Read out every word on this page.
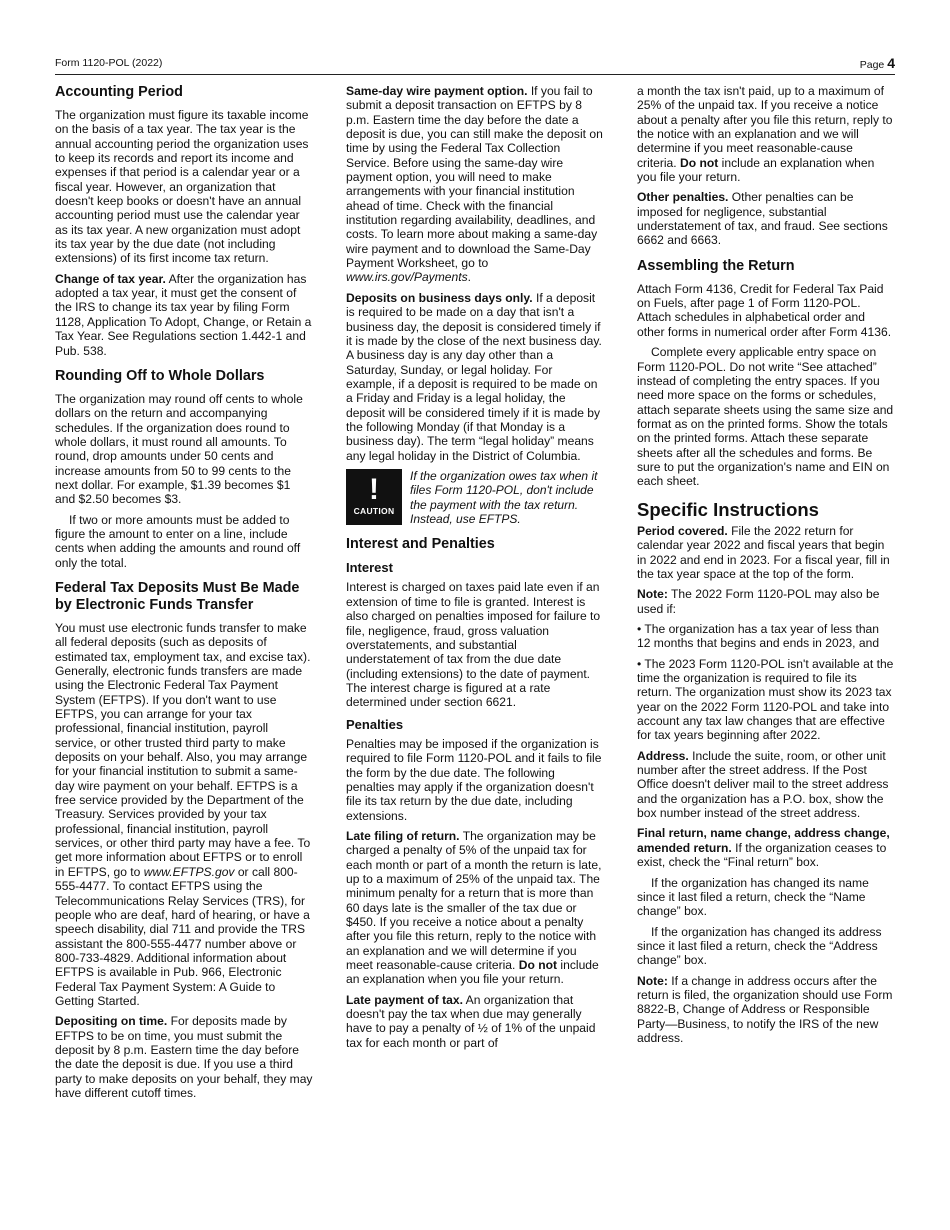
Form 1120-POL (2022)	Page 4
Accounting Period

The organization must figure its taxable income on the basis of a tax year. The tax year is the annual accounting period the organization uses to keep its records and report its income and expenses if that period is a calendar year or a fiscal year. However, an organization that doesn't keep books or doesn't have an annual accounting period must use the calendar year as its tax year. A new organization must adopt its tax year by the due date (not including extensions) of its first income tax return.

Change of tax year. After the organization has adopted a tax year, it must get the consent of the IRS to change its tax year by filing Form 1128, Application To Adopt, Change, or Retain a Tax Year. See Regulations section 1.442-1 and Pub. 538.

Rounding Off to Whole Dollars

The organization may round off cents to whole dollars on the return and accompanying schedules. If the organization does round to whole dollars, it must round all amounts. To round, drop amounts under 50 cents and increase amounts from 50 to 99 cents to the next dollar. For example, $1.39 becomes $1 and $2.50 becomes $3.

If two or more amounts must be added to figure the amount to enter on a line, include cents when adding the amounts and round off only the total.

Federal Tax Deposits Must Be Made by Electronic Funds Transfer

You must use electronic funds transfer to make all federal deposits (such as deposits of estimated tax, employment tax, and excise tax). Generally, electronic funds transfers are made using the Electronic Federal Tax Payment System (EFTPS). If you don't want to use EFTPS, you can arrange for your tax professional, financial institution, payroll service, or other trusted third party to make deposits on your behalf. Also, you may arrange for your financial institution to submit a same-day wire payment on your behalf. EFTPS is a free service provided by the Department of the Treasury. Services provided by your tax professional, financial institution, payroll services, or other third party may have a fee. To get more information about EFTPS or to enroll in EFTPS, go to www.EFTPS.gov or call 800-555-4477. To contact EFTPS using the Telecommunications Relay Services (TRS), for people who are deaf, hard of hearing, or have a speech disability, dial 711 and provide the TRS assistant the 800-555-4477 number above or 800-733-4829. Additional information about EFTPS is available in Pub. 966, Electronic Federal Tax Payment System: A Guide to Getting Started.

Depositing on time. For deposits made by EFTPS to be on time, you must submit the deposit by 8 p.m. Eastern time the day before the date the deposit is due. If you use a third party to make deposits on your behalf, they may have different cutoff times.

Same-day wire payment option. If you fail to submit a deposit transaction on EFTPS by 8 p.m. Eastern time the day before the date a deposit is due, you can still make the deposit on time by using the Federal Tax Collection Service. Before using the same-day wire payment option, you will need to make arrangements with your financial institution ahead of time. Check with the financial institution regarding availability, deadlines, and costs. To learn more about making a same-day wire payment and to download the Same-Day Payment Worksheet, go to www.irs.gov/Payments.

Deposits on business days only. If a deposit is required to be made on a day that isn't a business day, the deposit is considered timely if it is made by the close of the next business day. A business day is any day other than a Saturday, Sunday, or legal holiday. For example, if a deposit is required to be made on a Friday and Friday is a legal holiday, the deposit will be considered timely if it is made by the following Monday (if that Monday is a business day). The term “legal holiday” means any legal holiday in the District of Columbia.

!
CAUTION
If the organization owes tax when it files Form 1120-POL, don't include the payment with the tax return. Instead, use EFTPS.
Interest and Penalties
Interest

Interest is charged on taxes paid late even if an extension of time to file is granted. Interest is also charged on penalties imposed for failure to file, negligence, fraud, gross valuation overstatements, and substantial understatement of tax from the due date (including extensions) to the date of payment. The interest charge is figured at a rate determined under section 6621.

Penalties

Penalties may be imposed if the organization is required to file Form 1120-POL and it fails to file the form by the due date. The following penalties may apply if the organization doesn't file its tax return by the due date, including extensions.

Late filing of return. The organization may be charged a penalty of 5% of the unpaid tax for each month or part of a month the return is late, up to a maximum of 25% of the unpaid tax. The minimum penalty for a return that is more than 60 days late is the smaller of the tax due or $450. If you receive a notice about a penalty after you file this return, reply to the notice with an explanation and we will determine if you meet reasonable-cause criteria. Do not include an explanation when you file your return.

Late payment of tax. An organization that doesn't pay the tax when due may generally have to pay a penalty of ½ of 1% of the unpaid tax for each month or part of

a month the tax isn't paid, up to a maximum of 25% of the unpaid tax. If you receive a notice about a penalty after you file this return, reply to the notice with an explanation and we will determine if you meet reasonable-cause criteria. Do not include an explanation when you file your return.

Other penalties. Other penalties can be imposed for negligence, substantial understatement of tax, and fraud. See sections 6662 and 6663.

Assembling the Return

Attach Form 4136, Credit for Federal Tax Paid on Fuels, after page 1 of Form 1120-POL. Attach schedules in alphabetical order and other forms in numerical order after Form 4136.

Complete every applicable entry space on Form 1120-POL. Do not write “See attached” instead of completing the entry spaces. If you need more space on the forms or schedules, attach separate sheets using the same size and format as on the printed forms. Show the totals on the printed forms. Attach these separate sheets after all the schedules and forms. Be sure to put the organization's name and EIN on each sheet.

Specific Instructions

Period covered. File the 2022 return for calendar year 2022 and fiscal years that begin in 2022 and end in 2023. For a fiscal year, fill in the tax year space at the top of the form.

Note: The 2022 Form 1120-POL may also be used if:

• The organization has a tax year of less than 12 months that begins and ends in 2023, and

• The 2023 Form 1120-POL isn't available at the time the organization is required to file its return. The organization must show its 2023 tax year on the 2022 Form 1120-POL and take into account any tax law changes that are effective for tax years beginning after 2022.

Address. Include the suite, room, or other unit number after the street address. If the Post Office doesn't deliver mail to the street address and the organization has a P.O. box, show the box number instead of the street address.

Final return, name change, address change, amended return. If the organization ceases to exist, check the “Final return” box.

If the organization has changed its name since it last filed a return, check the “Name change” box.

If the organization has changed its address since it last filed a return, check the “Address change” box.

Note: If a change in address occurs after the return is filed, the organization should use Form 8822-B, Change of Address or Responsible Party—Business, to notify the IRS of the new address.
